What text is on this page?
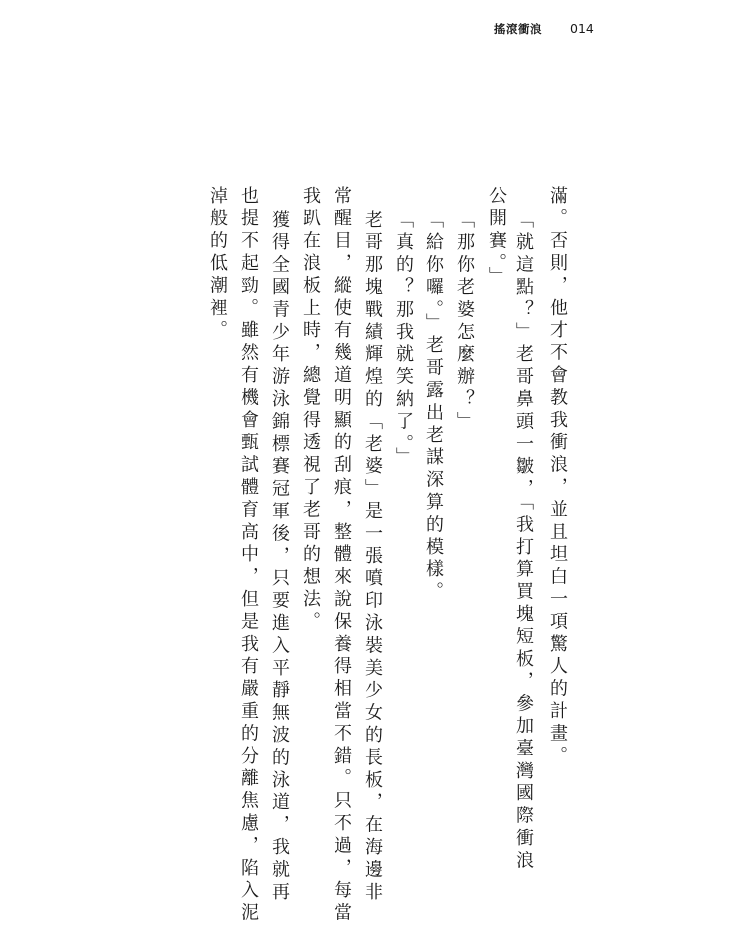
搖滾衝浪 014

滿。否則，他才不會教我衝浪，並且坦白一項驚人的計畫。

「就這點？」老哥鼻頭一皺，「我打算買塊短板，參加臺灣國際衝浪

公開賽。」

「那你老婆怎麼辦？」

「給你囉。」老哥露出老謀深算的模樣。

「真的？那我就笑納了。」

老哥那塊戰績輝煌的「老婆」是一張噴印泳裝美少女的長板，在海邊非

常醒目，縱使有幾道明顯的刮痕，整體來說保養得相當不錯。只不過，每當

我趴在浪板上時，總覺得透視了老哥的想法。

獲得全國青少年游泳錦標賽冠軍後，只要進入平靜無波的泳道，我就再

也提不起勁。雖然有機會甄試體育高中，但是我有嚴重的分離焦慮，陷入泥

淖般的低潮裡。
